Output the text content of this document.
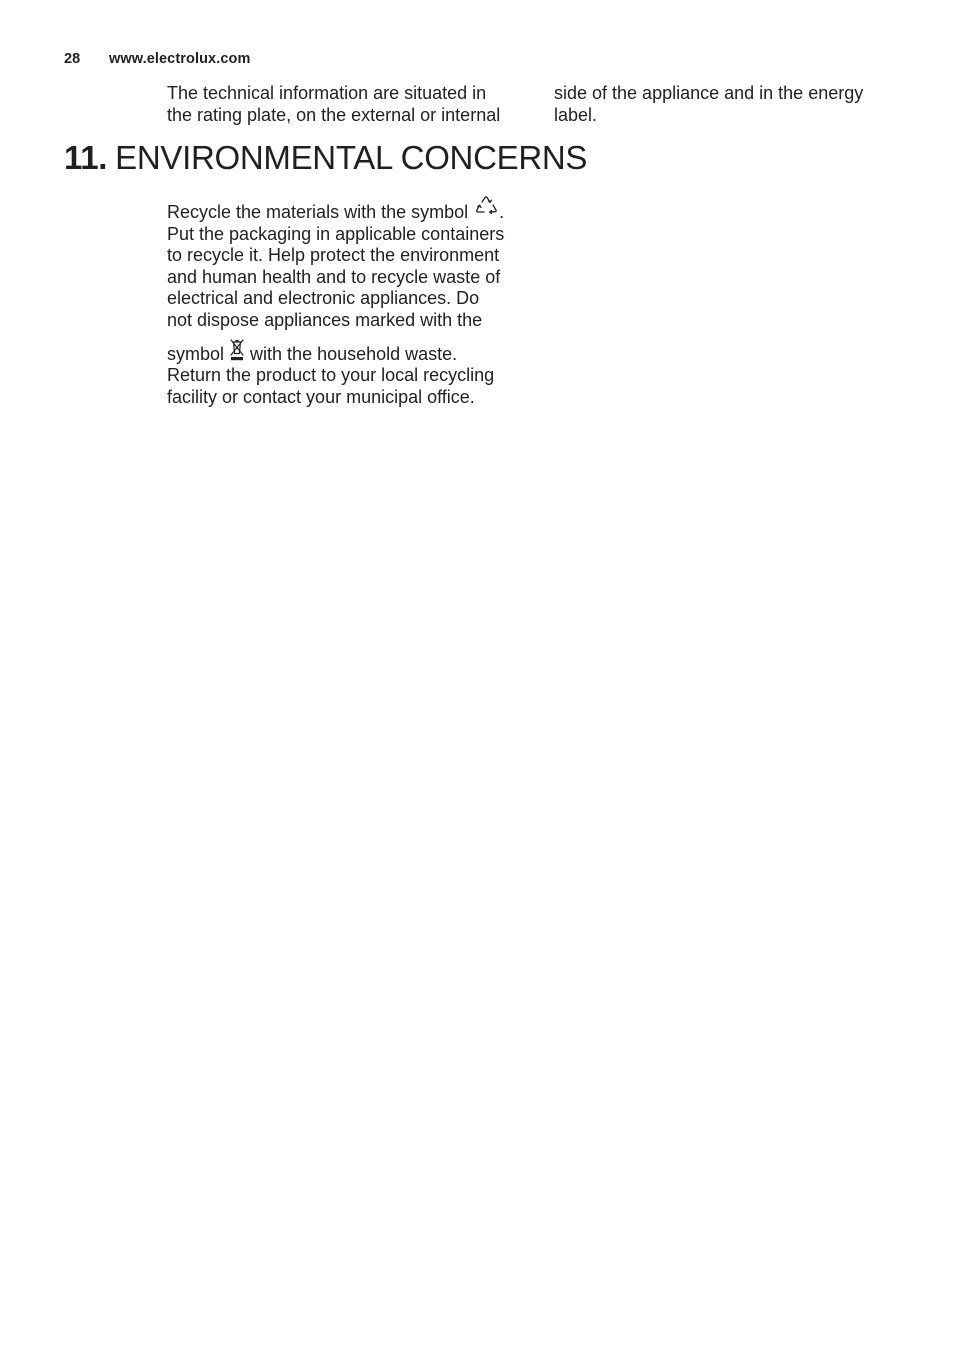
28 www.electrolux.com
The technical information are situated in
the rating plate, on the external or internal
side of the appliance and in the energy
label.
11. ENVIRONMENTAL CONCERNS
Recycle the materials with the symbol .
Put the packaging in applicable containers
to recycle it. Help protect the environment
and human health and to recycle waste of
electrical and electronic appliances. Do
not dispose appliances marked with the
symbol with the household waste.
Return the product to your local recycling
facility or contact your municipal office.
